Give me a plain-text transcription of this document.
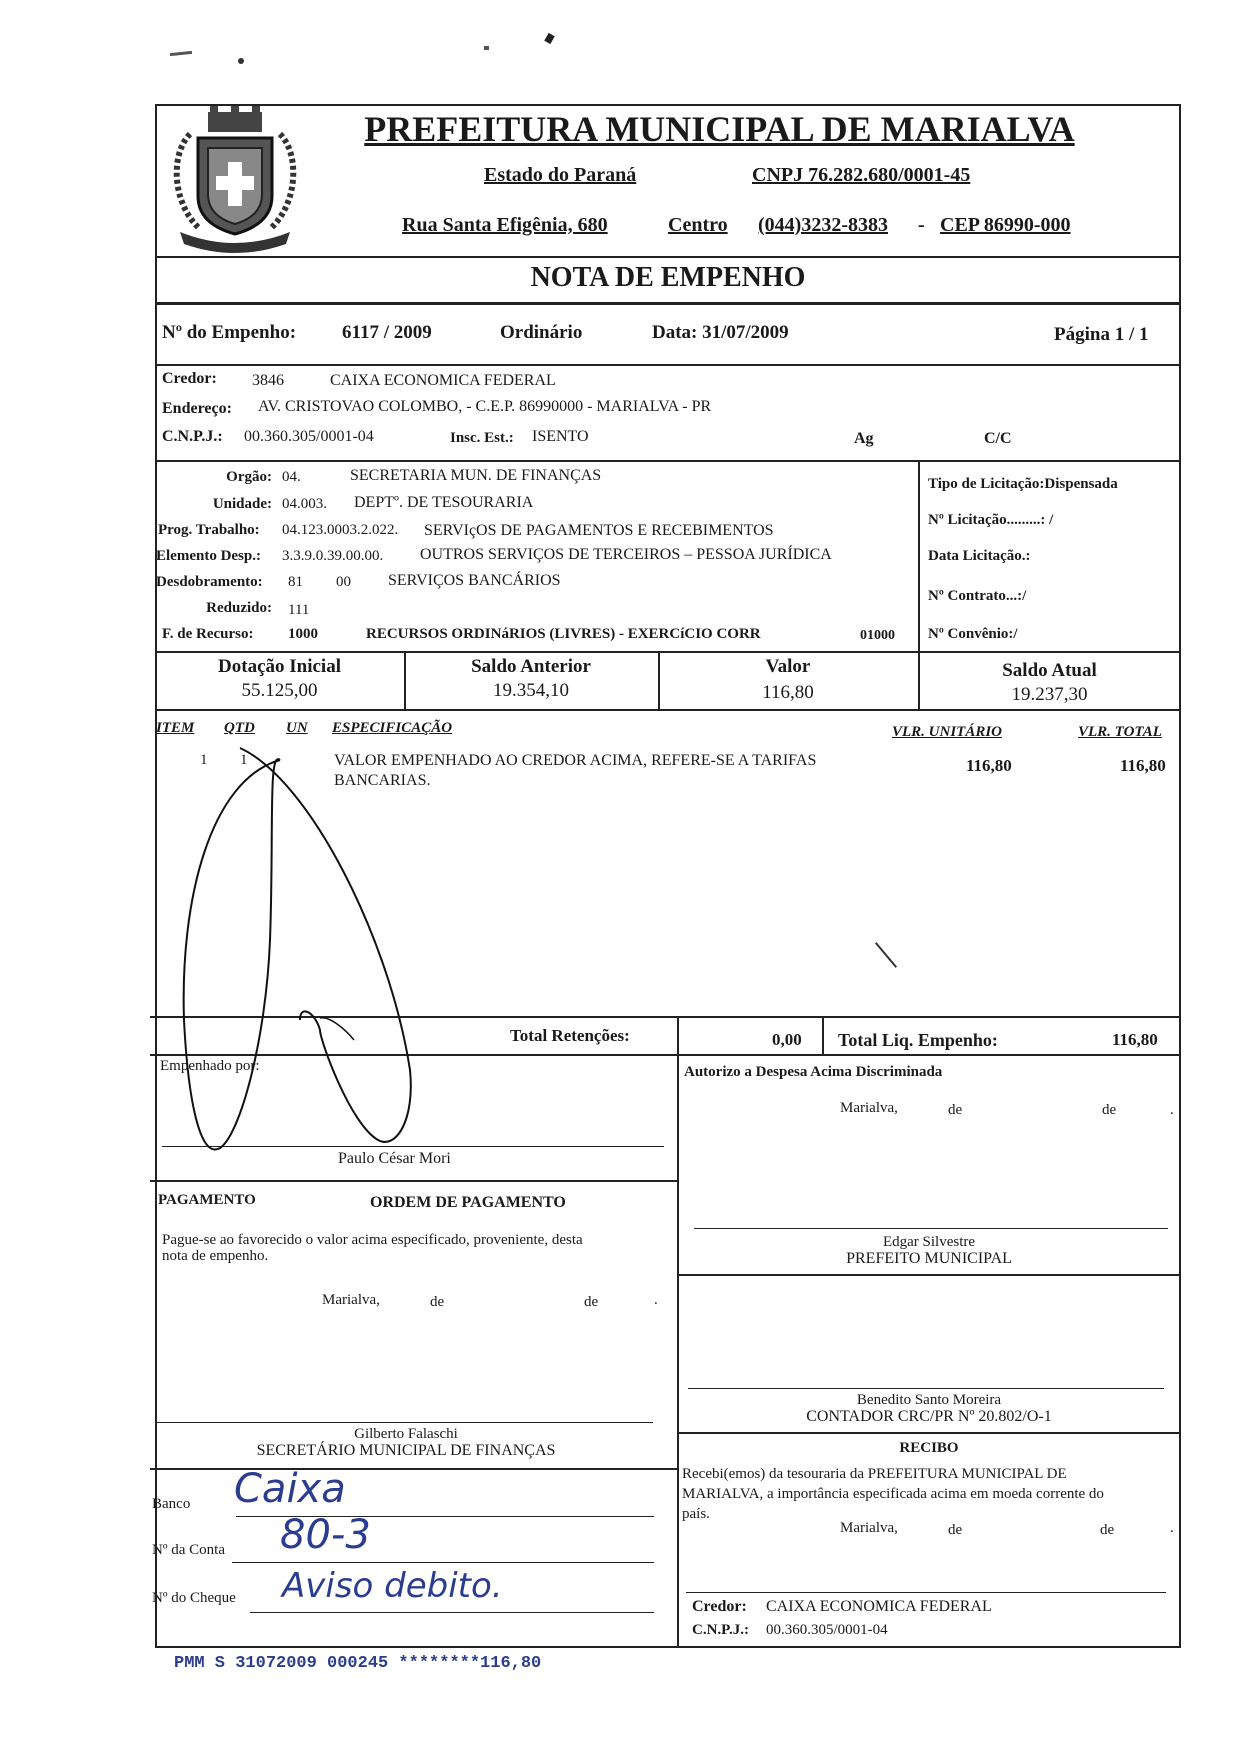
PREFEITURA MUNICIPAL DE MARIALVA
Estado do Paraná	CNPJ 76.282.680/0001-45
Rua Santa Efigênia, 680	Centro (044)3232-8383 - CEP 86990-000
NOTA DE EMPENHO
Nº do Empenho: 6117 / 2009	Ordinário	Data: 31/07/2009	Página 1 / 1
Credor: 3846	CAIXA ECONOMICA FEDERAL
Endereço: AV. CRISTOVAO COLOMBO, - C.E.P. 86990000 - MARIALVA - PR
C.N.P.J.: 00.360.305/0001-04	Insc. Est.: ISENTO	Ag	C/C
Orgão: 04.	SECRETARIA MUN. DE FINANÇAS
Unidade: 04.003. DEPTº. DE TESOURARIA
Prog. Trabalho: 04.123.0003.2.022. SERVIçOS DE PAGAMENTOS E RECEBIMENTOS
Elemento Desp.: 3.3.9.0.39.00.00. OUTROS SERVIÇOS DE TERCEIROS – PESSOA JURÍDICA
Desdobramento: 81 00 SERVIÇOS BANCÁRIOS
Reduzido: 111
F. de Recurso: 1000	RECURSOS ORDINáRIOS (LIVRES) - EXERCíCIO CORR	01000
Tipo de Licitação:Dispensada
Nº Licitação.........: /
Data Licitação.:
Nº Contrato...:/
Nº Convênio:/
Dotação Inicial
55.125,00
Saldo Anterior
19.354,10
Valor
116,80
Saldo Atual
19.237,30
ITEM QTD UN ESPECIFICAÇÃO	VLR. UNITÁRIO	VLR. TOTAL
1 1	VALOR EMPENHADO AO CREDOR ACIMA, REFERE-SE A TARIFAS
BANCARIAS.
116,80	116,80
Total Retenções:	0,00 Total Liq. Empenho:	116,80
Empenhado por:
Paulo César Mori
Autorizo a Despesa Acima Discriminada
Marialva,	de	de	.
Edgar Silvestre
PREFEITO MUNICIPAL
PAGAMENTO	ORDEM DE PAGAMENTO
Pague-se ao favorecido o valor acima especificado, proveniente, desta
nota de empenho.
Marialva,	de	de	.
Benedito Santo Moreira
CONTADOR CRC/PR Nº 20.802/O-1
Gilberto Falaschi
SECRETÁRIO MUNICIPAL DE FINANÇAS	RECIBO
Recebi(emos) da tesouraria da PREFEITURA MUNICIPAL DE
MARIALVA, a importância especificada acima em moeda corrente do
país.
Marialva,	de	de	.
Credor: CAIXA ECONOMICA FEDERAL
C.N.P.J.: 00.360.305/0001-04
Banco Caixa
Nº da Conta 80-3
Nº do Cheque Aviso debito.
PMM S 31072009 000245 ********116,80
